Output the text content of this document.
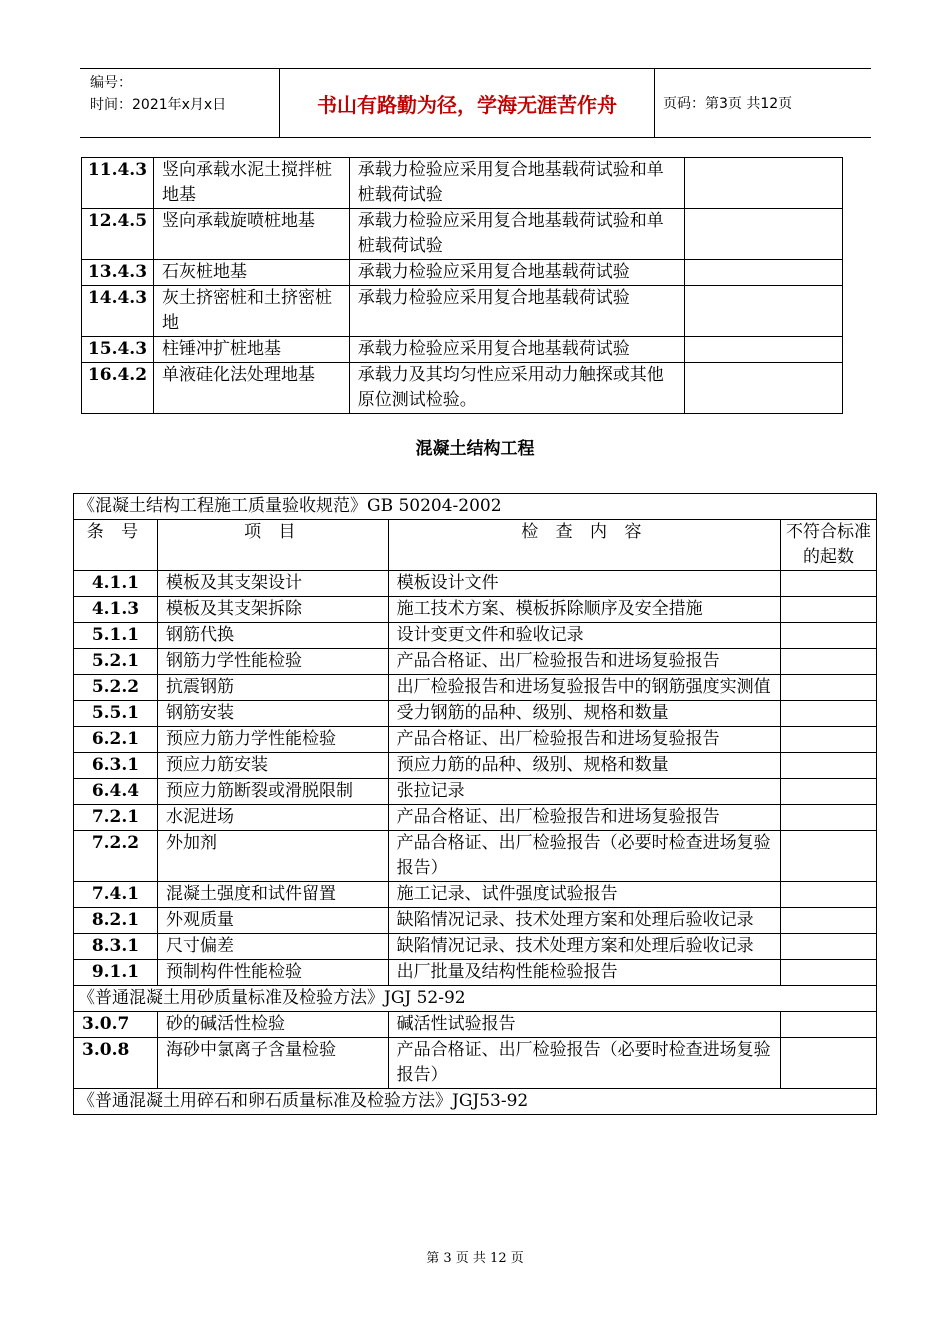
编号：
时间：2021年x月x日	书山有路勤为径，学海无涯苦作舟	页码：第3页 共12页
11.4.3	竖向承载水泥土搅拌桩地基	承载力检验应采用复合地基载荷试验和单桩载荷试验	
12.4.5	竖向承载旋喷桩地基	承载力检验应采用复合地基载荷试验和单桩载荷试验	
13.4.3	石灰桩地基	承载力检验应采用复合地基载荷试验	
14.4.3	灰土挤密桩和土挤密桩地	承载力检验应采用复合地基载荷试验	
15.4.3	柱锤冲扩桩地基	承载力检验应采用复合地基载荷试验	
16.4.2	单液硅化法处理地基	承载力及其均匀性应采用动力触探或其他原位测试检验。	
混凝土结构工程
《混凝土结构工程施工质量验收规范》GB 50204-2002			
条 号	项 目	检 查 内 容	不符合标准的起数
4.1.1	模板及其支架设计	模板设计文件	
4.1.3	模板及其支架拆除	施工技术方案、模板拆除顺序及安全措施	
5.1.1	钢筋代换	设计变更文件和验收记录	
5.2.1	钢筋力学性能检验	产品合格证、出厂检验报告和进场复验报告	
5.2.2	抗震钢筋	出厂检验报告和进场复验报告中的钢筋强度实测值	
5.5.1	钢筋安装	受力钢筋的品种、级别、规格和数量	
6.2.1	预应力筋力学性能检验	产品合格证、出厂检验报告和进场复验报告	
6.3.1	预应力筋安装	预应力筋的品种、级别、规格和数量	
6.4.4	预应力筋断裂或滑脱限制	张拉记录	
7.2.1	水泥进场	产品合格证、出厂检验报告和进场复验报告	
7.2.2	外加剂	产品合格证、出厂检验报告（必要时检查进场复验报告）	
7.4.1	混凝土强度和试件留置	施工记录、试件强度试验报告	
8.2.1	外观质量	缺陷情况记录、技术处理方案和处理后验收记录	
8.3.1	尺寸偏差	缺陷情况记录、技术处理方案和处理后验收记录	
9.1.1	预制构件性能检验	出厂批量及结构性能检验报告	
《普通混凝土用砂质量标准及检验方法》JGJ 52-92			
3.0.7	砂的碱活性检验	碱活性试验报告	
3.0.8	海砂中氯离子含量检验	产品合格证、出厂检验报告（必要时检查进场复验报告）	
《普通混凝土用碎石和卵石质量标准及检验方法》JGJ53-92			
第 3 页 共 12 页
